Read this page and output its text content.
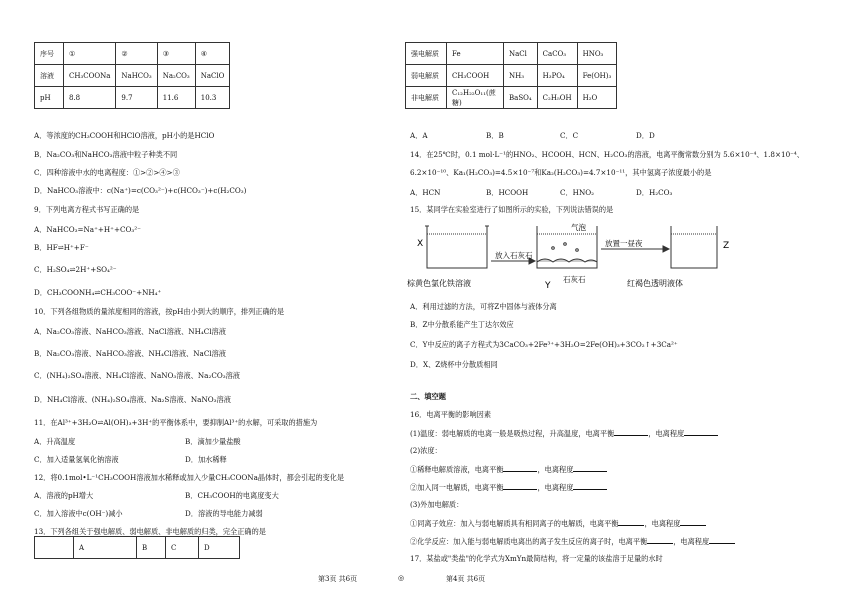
序号	①	②	③	④
溶液	CH₃COONa	NaHCO₃	Na₂CO₃	NaClO
pH	8.8	9.7	11.6	10.3
A．等浓度的CH₃COOH和HClO溶液，pH小的是HClO
B．Na₂CO₃和NaHCO₃溶液中粒子种类不同
C．四种溶液中水的电离程度：①>②>④>③
D．NaHCO₃溶液中：c(Na⁺)=c(CO₃²⁻)+c(HCO₃⁻)+c(H₂CO₃)
9．下列电离方程式书写正确的是
A．NaHCO₃=Na⁺+H⁺+CO₃²⁻
B．HF⇌H⁺+F⁻
C．H₂SO₄⇌2H⁺+SO₄²⁻
D．CH₃COONH₄⇌CH₃COO⁻+NH₄⁺
10．下列各组物质的量浓度相同的溶液，按pH由小到大的顺序，排列正确的是
A．Na₂CO₃溶液、NaHCO₃溶液、NaCl溶液、NH₄Cl溶液
B．Na₂CO₃溶液、NaHCO₃溶液、NH₄Cl溶液、NaCl溶液
C．(NH₄)₂SO₄溶液、NH₄Cl溶液、NaNO₃溶液、Na₂CO₃溶液
D．NH₄Cl溶液、(NH₄)₂SO₄溶液、Na₂S溶液、NaNO₃溶液
11．在Al³⁺+3H₂O⇌Al(OH)₃+3H⁺的平衡体系中，要抑制Al³⁺的水解，可采取的措施为
A．升高温度	B．滴加少量盐酸
C．加入适量氢氧化钠溶液	D．加水稀释
12．将0.1mol•L⁻¹CH₃COOH溶液加水稀释或加入少量CH₃COONa晶体时，都会引起的变化是
A．溶液的pH增大	B．CH₃COOH的电离度变大
C．加入溶液中c(OH⁻)减小	D．溶液的导电能力减弱
13．下列各组关于强电解质、弱电解质、非电解质的归类，完全正确的是
	A	B	C	D
第3页 共6页	◎
强电解质	Fe	NaCl	CaCO₃	HNO₃
弱电解质	CH₃COOH	NH₃	H₃PO₄	Fe(OH)₃
非电解质	C₁₂H₂₂O₁₁(蔗糖)	BaSO₄	C₂H₅OH	H₂O
A．A	B．B	C．C	D．D
14．在25℃时，0.1 mol·L⁻¹的HNO₂、HCOOH、HCN、H₂CO₃的溶液，电离平衡常数分别为 5.6×10⁻⁴、1.8×10⁻⁴、
6.2×10⁻¹⁰、Ka₁(H₂CO₃)=4.5×10⁻⁷和Ka₂(H₂CO₃)=4.7×10⁻¹¹，其中氢离子浓度最小的是
A．HCN	B．HCOOH	C．HNO₂	D．H₂CO₃
15．某同学在实验室进行了如图所示的实验，下列说法错误的是
X
放入石灰石
气泡
Y
石灰石
放置一昼夜	Z
棕黄色氯化铁溶液	红褐色透明液体
A．利用过滤的方法，可将Z中固体与液体分离
B．Z中分散系能产生丁达尔效应
C．Y中反应的离子方程式为3CaCO₃+2Fe³⁺+3H₂O=2Fe(OH)₃+3CO₂↑+3Ca²⁺
D．X、Z烧杯中分散质相同
二、填空题
16．电离平衡的影响因素
(1)温度：弱电解质的电离一般是吸热过程，升高温度，电离平衡	，电离程度
(2)浓度：
①稀释电解质溶液，电离平衡	，电离程度
②加入同一电解质，电离平衡	，电离程度
(3)外加电解质：
①同离子效应：加入与弱电解质具有相同离子的电解质，电离平衡	，电离程度
②化学反应：加入能与弱电解质电离出的离子发生反应的离子时，电离平衡	，电离程度
17．某盐或"类盐"的化学式为XmYn最简结构，将一定量的该盐溶于足量的水时
第4页 共6页
